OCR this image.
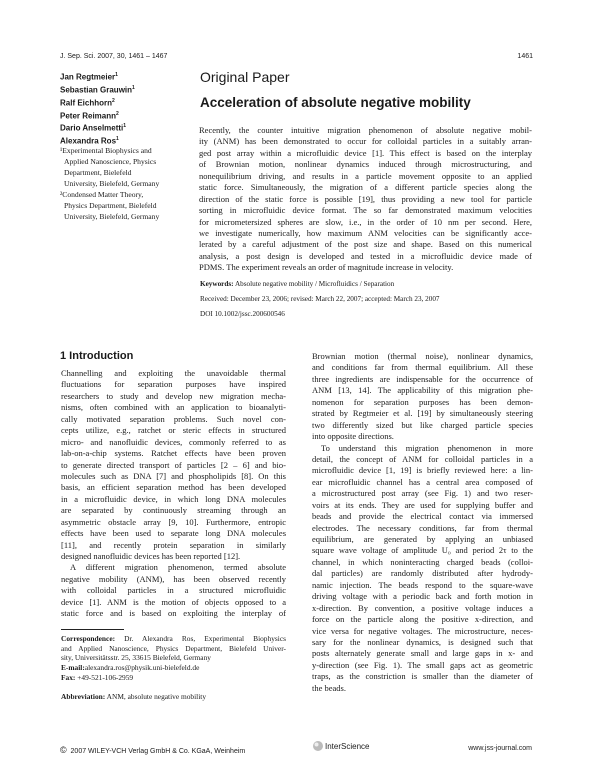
J. Sep. Sci. 2007, 30, 1461 – 1467	1461
Jan Regtmeier$^1$
Sebastian Grauwin$^1$
Ralf Eichhorn$^2$
Peter Reimann$^2$
Dario Anselmetti$^1$
Alexandra Ros$^1$
Original Paper
Acceleration of absolute negative mobility
¹Experimental Biophysics and
Applied Nanoscience, Physics
Department, Bielefeld
University, Bielefeld, Germany
²Condensed Matter Theory,
Physics Department, Bielefeld
University, Bielefeld, Germany
Recently, the counter intuitive migration phenomenon of absolute negative mobil-
ity (ANM) has been demonstrated to occur for colloidal particles in a suitably arran-
ged post array within a microfluidic device [1]. This effect is based on the interplay
of Brownian motion, nonlinear dynamics induced through microstructuring, and
nonequilibrium driving, and results in a particle movement opposite to an applied
static force. Simultaneously, the migration of a different particle species along the
direction of the static force is possible [19], thus providing a new tool for particle
sorting in microfluidic device format. The so far demonstrated maximum velocities
for micrometersized spheres are slow, i.e., in the order of 10 nm per second. Here,
we investigate numerically, how maximum ANM velocities can be significantly acce-
lerated by a careful adjustment of the post size and shape. Based on this numerical
analysis, a post design is developed and tested in a microfluidic device made of
PDMS. The experiment reveals an order of magnitude increase in velocity.
Keywords: Absolute negative mobility / Microfluidics / Separation
Received: December 23, 2006; revised: March 22, 2007; accepted: March 23, 2007
DOI 10.1002/jssc.200600546
1 Introduction
Channelling and exploiting the unavoidable thermal
fluctuations for separation purposes have inspired
researchers to study and develop new migration mecha-
nisms, often combined with an application to bioanalyti-
cally motivated separation problems. Such novel con-
cepts utilize, e.g., ratchet or steric effects in structured
micro- and nanofluidic devices, commonly referred to as
lab-on-a-chip systems. Ratchet effects have been proven
to generate directed transport of particles [2 – 6] and bio-
molecules such as DNA [7] and phospholipids [8]. On this
basis, an efficient separation method has been developed
in a microfluidic device, in which long DNA molecules
are separated by continuously streaming through an
asymmetric obstacle array [9, 10]. Furthermore, entropic
effects have been used to separate long DNA molecules
[11], and recently protein separation in similarly
designed nanofluidic devices has been reported [12].
A different migration phenomenon, termed absolute
negative mobility (ANM), has been observed recently
with colloidal particles in a structured microfluidic
device [1]. ANM is the motion of objects opposed to a
static force and is based on exploiting the interplay of
Brownian motion (thermal noise), nonlinear dynamics,
and conditions far from thermal equilibrium. All these
three ingredients are indispensable for the occurrence of
ANM [13, 14]. The applicability of this migration phe-
nomenon for separation purposes has been demon-
strated by Regtmeier et al. [19] by simultaneously steering
two differently sized but like charged particle species
into opposite directions.
To understand this migration phenomenon in more
detail, the concept of ANM for colloidal particles in a
microfluidic device [1, 19] is briefly reviewed here: a lin-
ear microfluidic channel has a central area composed of
a microstructured post array (see Fig. 1) and two reser-
voirs at its ends. They are used for supplying buffer and
beads and provide the electrical contact via immersed
electrodes. The necessary conditions, far from thermal
equilibrium, are generated by applying an unbiased
square wave voltage of amplitude U₀ and period 2τ to the
channel, in which noninteracting charged beads (colloi-
dal particles) are randomly distributed after hydrody-
namic injection. The beads respond to the square-wave
driving voltage with a periodic back and forth motion in
x-direction. By convention, a positive voltage induces a
force on the particle along the positive x-direction, and
vice versa for negative voltages. The microstructure, neces-
sary for the nonlinear dynamics, is designed such that
posts alternately generate small and large gaps in x- and
y-direction (see Fig. 1). The small gaps act as geometric
traps, as the constriction is smaller than the diameter of
the beads.
Correspondence: Dr. Alexandra Ros, Experimental Biophysics
and Applied Nanoscience, Physics Department, Bielefeld Univer-
sity, Universitätsstr. 25, 33615 Bielefeld, Germany
E-mail:alexandra.ros@physik.uni-bielefeld.de
Fax: +49-521-106-2959
Abbreviation: ANM, absolute negative mobility
© 2007 WILEY-VCH Verlag GmbH & Co. KGaA, Weinheim
InterScience	www.jss-journal.com
